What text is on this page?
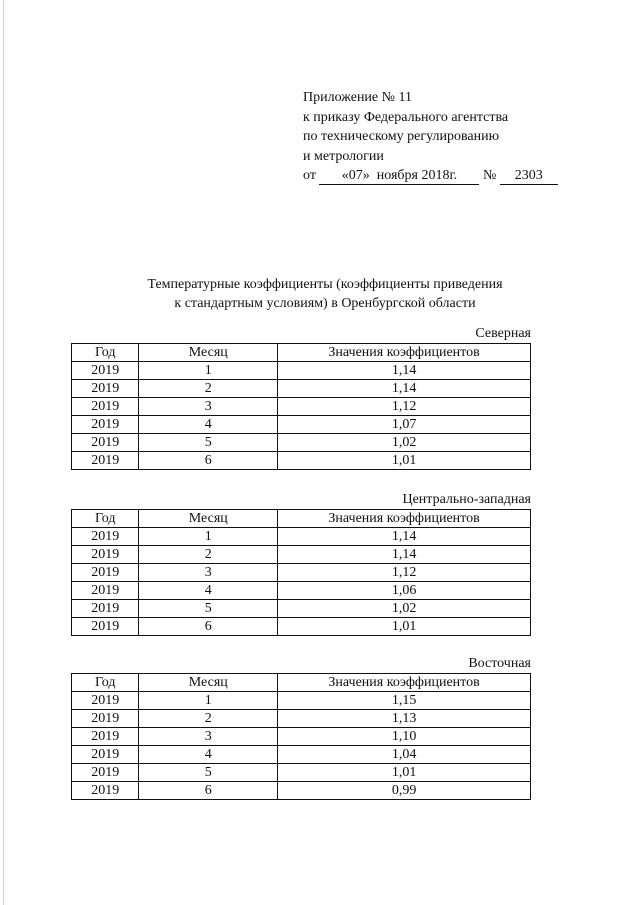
Приложение № 11
к приказу Федерального агентства
по техническому регулированию
и метрологии
от «07» ноября 2018г. № 2303
Температурные коэффициенты (коэффициенты приведения
к стандартным условиям) в Оренбургской области
Северная
Год	Месяц	Значения коэффициентов
2019	1	1,14
2019	2	1,14
2019	3	1,12
2019	4	1,07
2019	5	1,02
2019	6	1,01
Центрально-западная
Год	Месяц	Значения коэффициентов
2019	1	1,14
2019	2	1,14
2019	3	1,12
2019	4	1,06
2019	5	1,02
2019	6	1,01
Восточная
Год	Месяц	Значения коэффициентов
2019	1	1,15
2019	2	1,13
2019	3	1,10
2019	4	1,04
2019	5	1,01
2019	6	0,99
